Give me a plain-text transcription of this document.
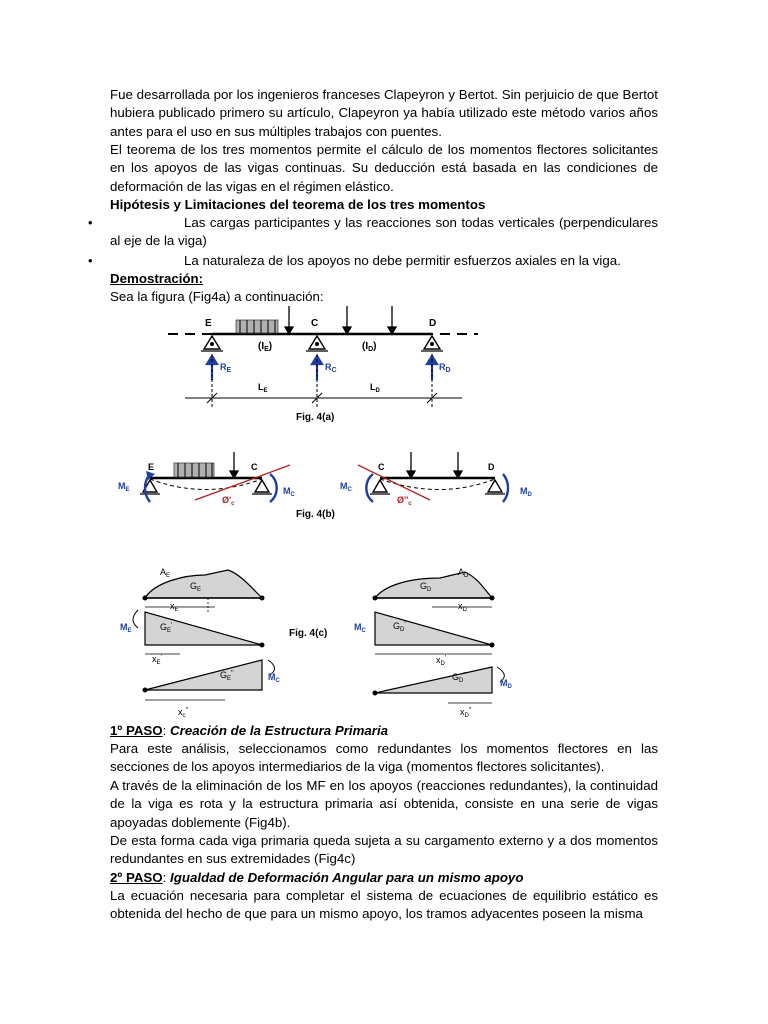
Fue desarrollada por los ingenieros franceses Clapeyron y Bertot. Sin perjuicio de que Bertot hubiera publicado primero su artículo, Clapeyron ya había utilizado este método varios años antes para el uso en sus múltiples trabajos con puentes.
El teorema de los tres momentos permite el cálculo de los momentos flectores solicitantes en los apoyos de las vigas continuas. Su deducción está basada en las condiciones de deformación de las vigas en el régimen elástico.
Hipótesis y Limitaciones del teorema de los tres momentos
•	Las cargas participantes y las reacciones son todas verticales (perpendiculares al eje de la viga)
•	La naturaleza de los apoyos no debe permitir esfuerzos axiales en la viga.
Demostración:
Sea la figura (Fig4a) a continuación:
E	C	D
$(I_E)$	$(I_D)$
$R_E$	$R_C$	$R_D$
$L_E$	$L_D$
Fig. 4(a)
E	C
$M_E$	$M_C$
$Ø'_c$
C	D
$M_C$	$M_D$
$Ø''_c$
Fig. 4(b)
$A_E$
$G_E$
$x_E$
$M_E$	$G_E'$
$x_E'$
$G_E''$	$M_C$
$x_c''$
Fig. 4(c)
$A_D$
$G_D$
$x_D$
$M_C$	$G_D'$
$x_D'$
$G_D''$
$M_D$
$x_D''$
1º PASO: Creación de la Estructura Primaria
Para este análisis, seleccionamos como redundantes los momentos flectores en las secciones de los apoyos intermediarios de la viga (momentos flectores solicitantes).
A través de la eliminación de los MF en los apoyos (reacciones redundantes), la continuidad de la viga es rota y la estructura primaria así obtenida, consiste en una serie de vigas apoyadas doblemente (Fig4b).
De esta forma cada viga primaria queda sujeta a su cargamento externo y a dos momentos redundantes en sus extremidades (Fig4c)
2º PASO: Igualdad de Deformación Angular para un mismo apoyo
La ecuación necesaria para completar el sistema de ecuaciones de equilibrio estático es obtenida del hecho de que para un mismo apoyo, los tramos adyacentes poseen la misma
